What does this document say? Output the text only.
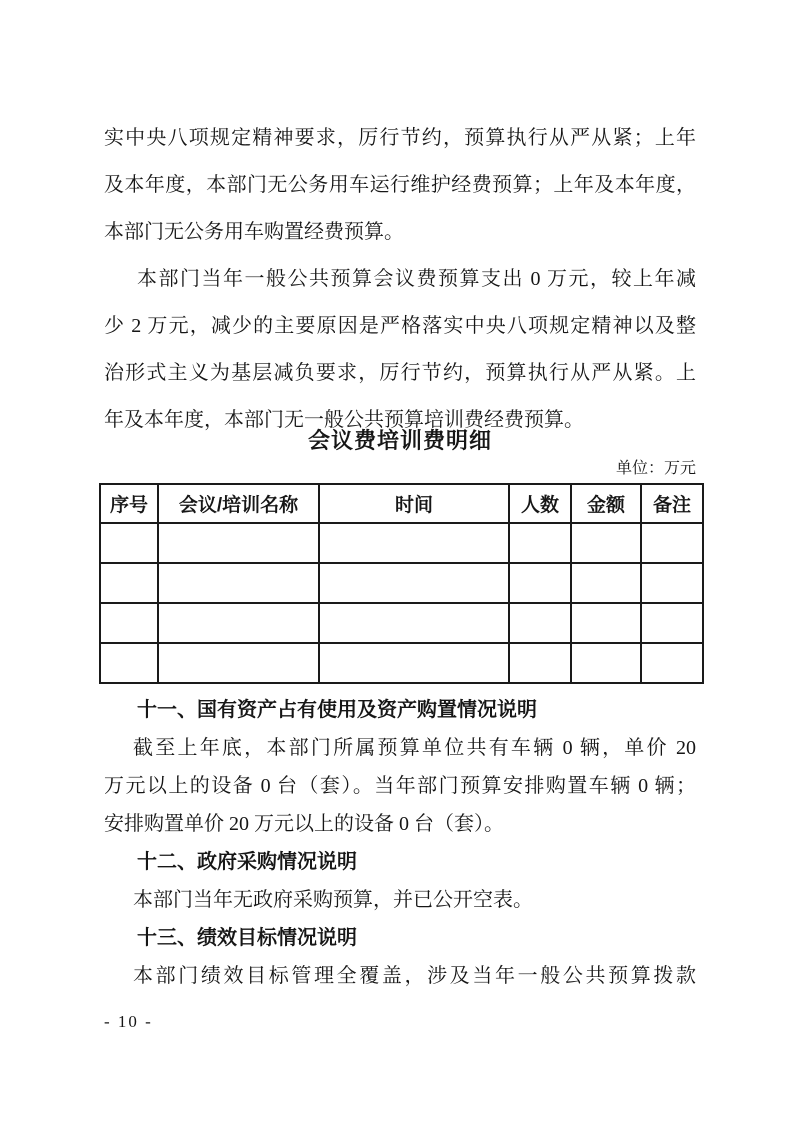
实中央八项规定精神要求，厉行节约，预算执行从严从紧；上年
及本年度，本部门无公务用车运行维护经费预算；上年及本年度，
本部门无公务用车购置经费预算。
本部门当年一般公共预算会议费预算支出 0 万元，较上年减
少 2 万元，减少的主要原因是严格落实中央八项规定精神以及整
治形式主义为基层减负要求，厉行节约，预算执行从严从紧。上
年及本年度，本部门无一般公共预算培训费经费预算。
会议费培训费明细
单位：万元
序号	会议/培训名称	时间	人数	金额	备注

十一、国有资产占有使用及资产购置情况说明
截至上年底，本部门所属预算单位共有车辆 0 辆，单价 20
万元以上的设备 0 台（套）。当年部门预算安排购置车辆 0 辆；
安排购置单价 20 万元以上的设备 0 台（套）。
十二、政府采购情况说明
本部门当年无政府采购预算，并已公开空表。
十三、绩效目标情况说明
本部门绩效目标管理全覆盖，涉及当年一般公共预算拨款
- 10 -
